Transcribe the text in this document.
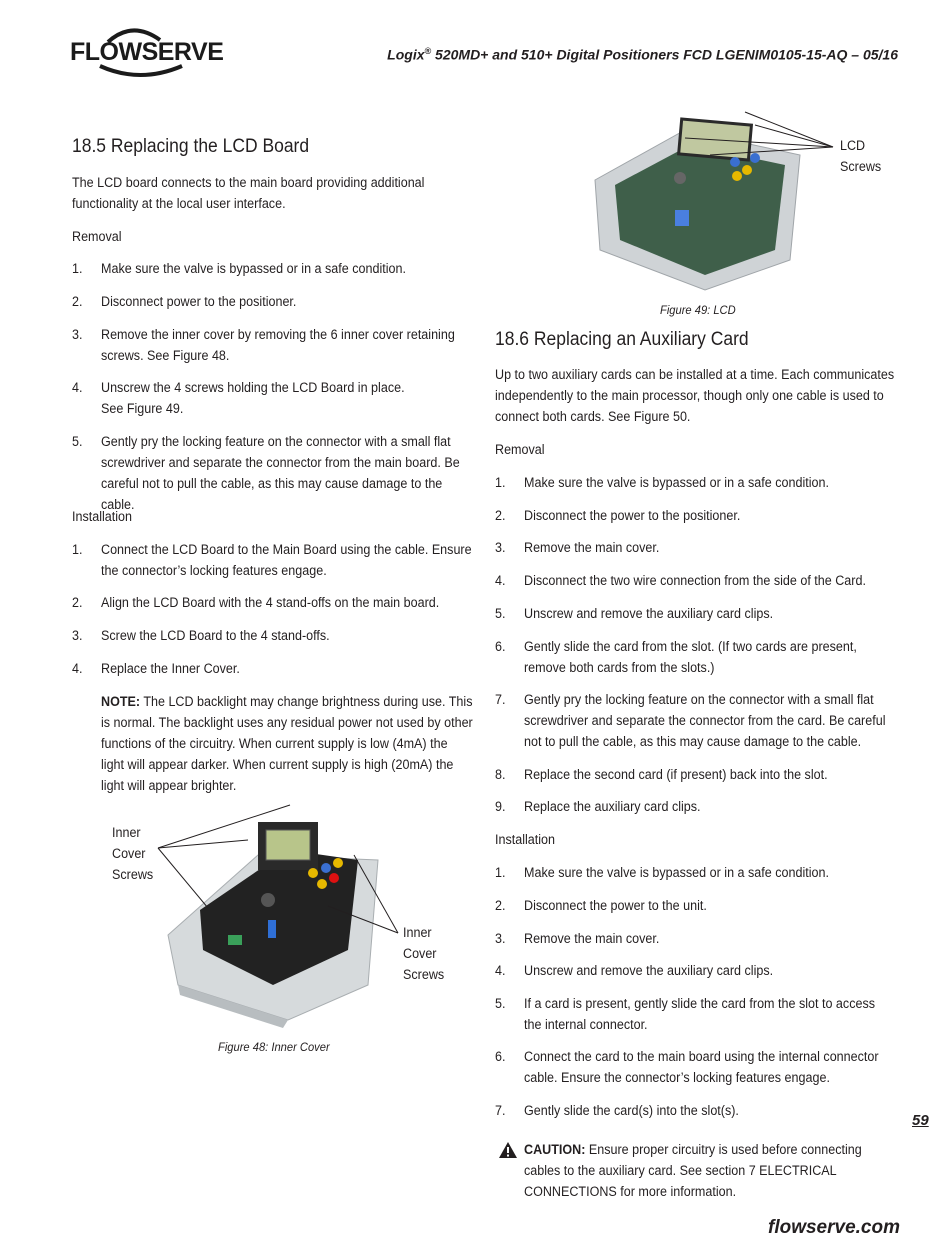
FLOWSERVE	Logix® 520MD+ and 510+ Digital Positioners FCD LGENIM0105-15-AQ – 05/16
18.5 Replacing the LCD Board
The LCD board connects to the main board providing additional functionality at the local user interface.
Removal
1. Make sure the valve is bypassed or in a safe condition.
2. Disconnect power to the positioner.
3. Remove the inner cover by removing the 6 inner cover retaining screws. See Figure 48.
4. Unscrew the 4 screws holding the LCD Board in place.
See Figure 49.
5. Gently pry the locking feature on the connector with a small flat screwdriver and separate the connector from the main board. Be careful not to pull the cable, as this may cause damage to the cable.
Installation
1. Connect the LCD Board to the Main Board using the cable. Ensure the connector’s locking features engage.
2. Align the LCD Board with the 4 stand-offs on the main board.
3. Screw the LCD Board to the 4 stand-offs.
4. Replace the Inner Cover.
NOTE: The LCD backlight may change brightness during use. This is normal. The backlight uses any residual power not used by other functions of the circuitry. When current supply is low (4mA) the light will appear darker. When current supply is high (20mA) the light will appear brighter.
Inner
Cover
Screws
Inner
Cover
Screws
Figure 48: Inner Cover
LCD
Screws
Figure 49: LCD
18.6 Replacing an Auxiliary Card
Up to two auxiliary cards can be installed at a time. Each communicates independently to the main processor, though only one cable is used to connect both cards. See Figure 50.
Removal
1. Make sure the valve is bypassed or in a safe condition.
2. Disconnect the power to the positioner.
3. Remove the main cover.
4. Disconnect the two wire connection from the side of the Card.
5. Unscrew and remove the auxiliary card clips.
6. Gently slide the card from the slot. (If two cards are present, remove both cards from the slots.)
7. Gently pry the locking feature on the connector with a small flat screwdriver and separate the connector from the card. Be careful not to pull the cable, as this may cause damage to the cable.
8. Replace the second card (if present) back into the slot.
9. Replace the auxiliary card clips.
Installation
1. Make sure the valve is bypassed or in a safe condition.
2. Disconnect the power to the unit.
3. Remove the main cover.
4. Unscrew and remove the auxiliary card clips.
5. If a card is present, gently slide the card from the slot to access the internal connector.
6. Connect the card to the main board using the internal connector cable. Ensure the connector’s locking features engage.
7. Gently slide the card(s) into the slot(s).
CAUTION: Ensure proper circuitry is used before connecting cables to the auxiliary card. See section 7 ELECTRICAL CONNECTIONS for more information.
59
flowserve.com
